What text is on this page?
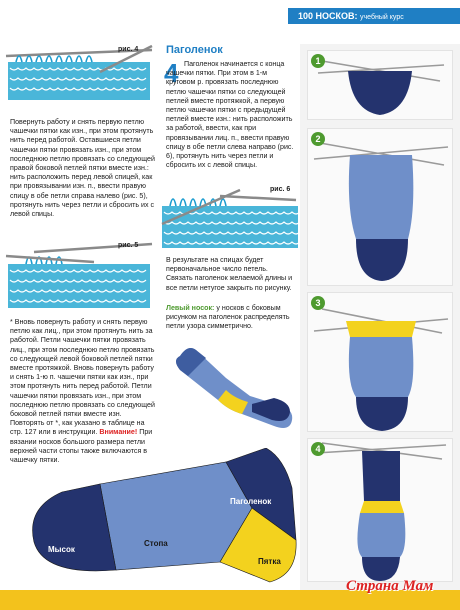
100 НОСКОВ: учебный курс
рис. 4
Повернуть работу и снять первую петлю чашечки пятки как изн., при этом протянуть нить перед работой. Оставшиеся петли чашечки пятки провязать изн., при этом последнюю петлю провязать со следующей правой боковой петлей пятки вместе изн.: нить расположить перед левой спицей, как при провязывании изн. п., ввести правую спицу в обе петли справа налево (рис. 5), протянуть нить через петли и сбросить их с левой спицы.
рис. 5
* Вновь повернуть работу и снять первую петлю как лиц., при этом протянуть нить за работой. Петли чашечки пятки провязать лиц., при этом последнюю петлю провязать со следующей левой боковой петлей пятки вместе протяжкой. Вновь повернуть работу и снять 1-ю п. чашечки пятки как изн., при этом протянуть нить перед работой. Петли чашечки пятки провязать изн., при этом последнюю петлю провязать со следующей боковой петлей пятки вместе изн. Повторять от *, как указано в таблице на стр. 127 или в инструкции. Внимание! При вязании носков большого размера петли верхней части стопы также включаются в чашечку пятки.
Паголенок
4 Паголенок начинается с конца чашечки пятки. При этом в 1-м круговом р. провязать последнюю петлю чашечки пятки со следующей петлей вместе протяжкой, а первую петлю чашечки пятки с предыдущей петлей вместе изн.: нить расположить за работой, ввести, как при провязывании лиц. п., ввести правую спицу в обе петли слева направо (рис. 6), протянуть нить через петли и сбросить их с левой спицы.
рис. 6
В результате на спицах будет первоначальное число петель. Связать паголенок желаемой длины и все петли нетугое закрыть по рисунку.
Левый носок: у носков с боковым рисунком на паголенок распределять петли узора симметрично.
Мысок
Стопа
Паголенок
Пятка
1
2
3
4
Страна Мам
